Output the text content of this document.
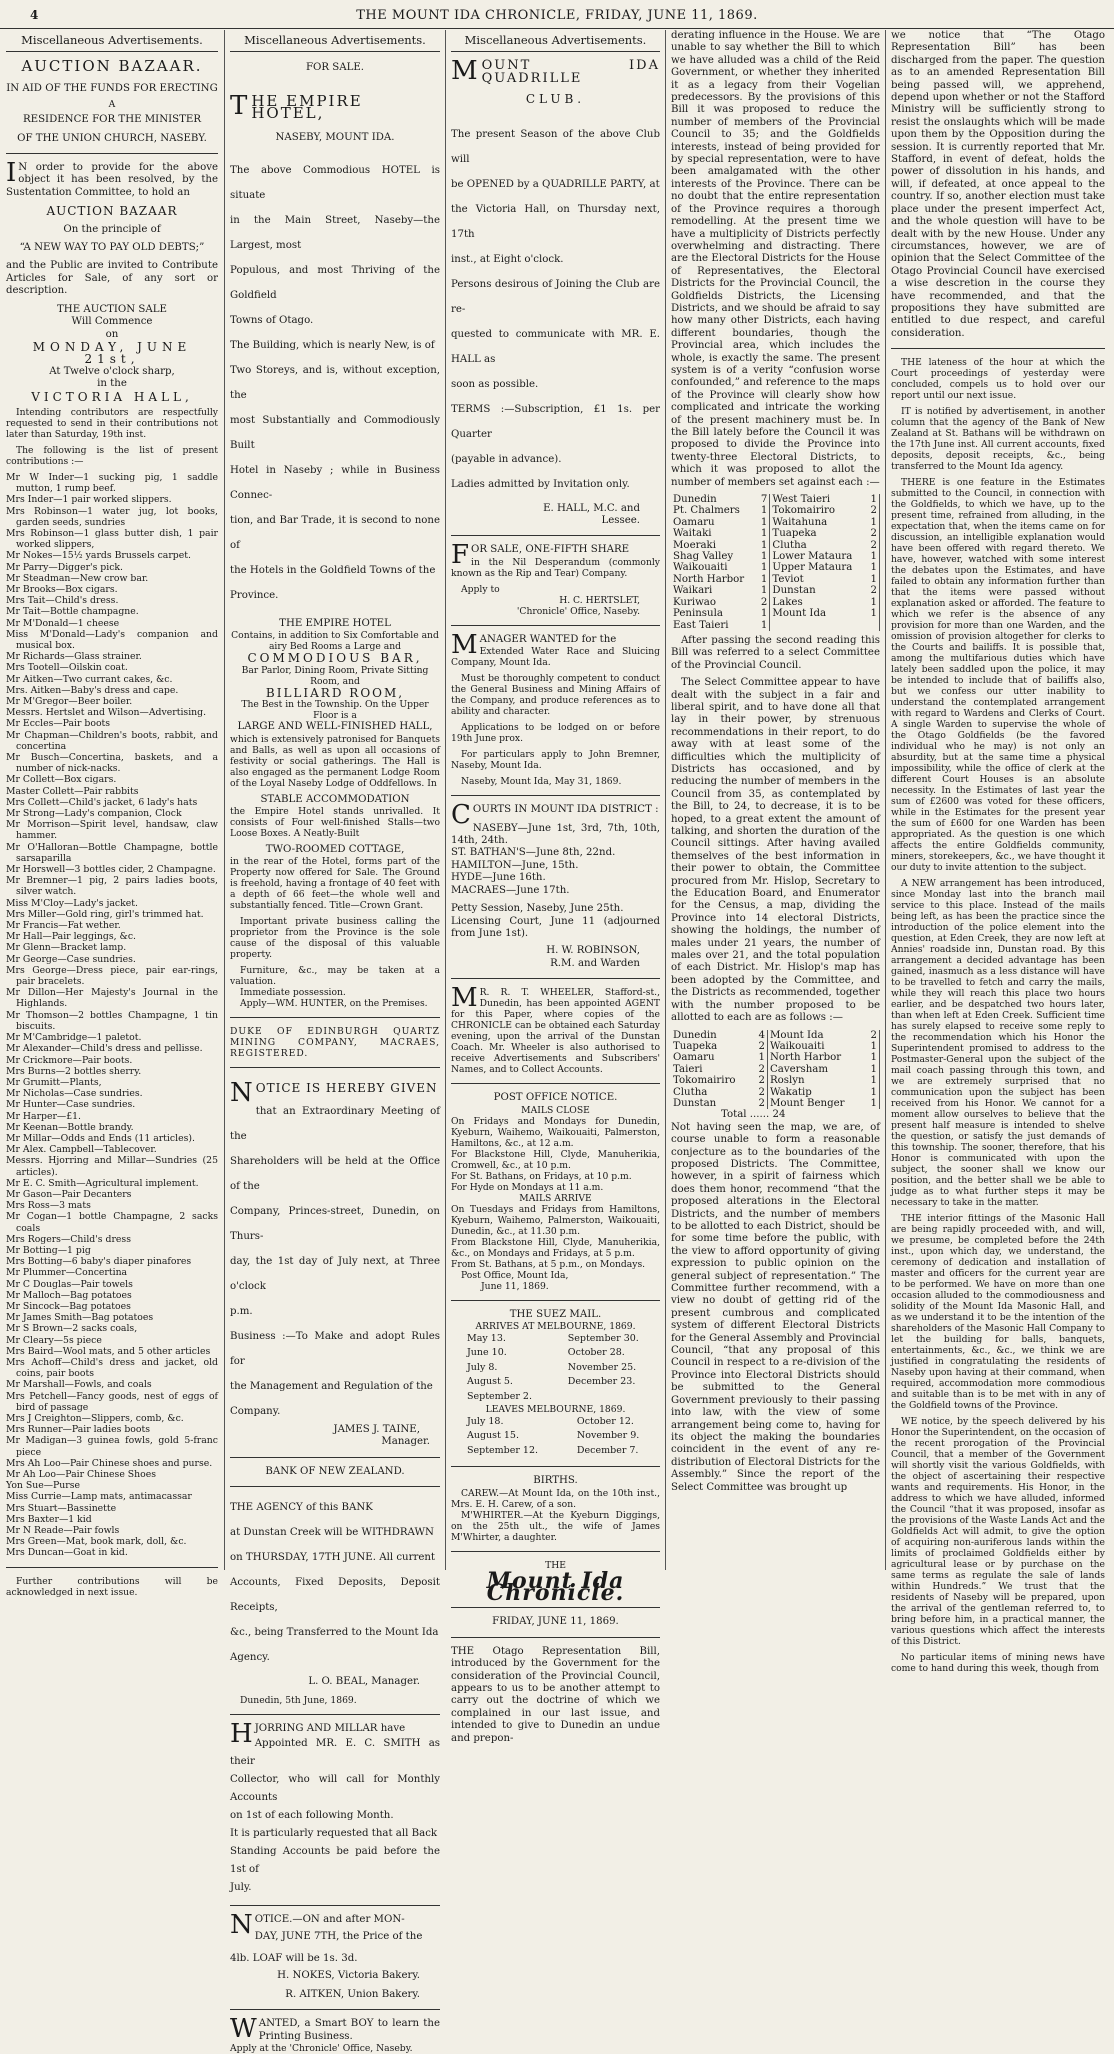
4	THE MOUNT IDA CHRONICLE, FRIDAY, JUNE 11, 1869.
Miscellaneous Advertisements.
AUCTION BAZAAR.
IN AID OF THE FUNDS FOR ERECTING
A
RESIDENCE FOR THE MINISTER
OF THE UNION CHURCH, NASEBY.

IN order to provide for the above object it has been resolved, by the Sustentation Committee, to hold an

AUCTION BAZAAR
On the principle of
“A NEW WAY TO PAY OLD DEBTS;”

and the Public are invited to Contribute Articles for Sale, of any sort or description.

THE AUCTION SALE
Will Commence
on
MONDAY, JUNE 21st,
At Twelve o'clock sharp,
in the
VICTORIA HALL,

Intending contributors are respectfully requested to send in their contributions not later than Saturday, 19th inst.

The following is the list of present contributions :—

Mr W Inder—1 sucking pig, 1 saddle mutton, 1 rump beef.
Mrs Inder—1 pair worked slippers.
Mrs Robinson—1 water jug, lot books, garden seeds, sundries
Mrs Robinson—1 glass butter dish, 1 pair worked slippers,
Mr Nokes—15½ yards Brussels carpet.
Mr Parry—Digger's pick.
Mr Steadman—New crow bar.
Mr Brooks—Box cigars.
Mrs Tait—Child's dress.
Mr Tait—Bottle champagne.
Mr M'Donald—1 cheese
Miss M'Donald—Lady's companion and musical box.
Mr Richards—Glass strainer.
Mrs Tootell—Oilskin coat.
Mr Aitken—Two currant cakes, &c.
Mrs. Aitken—Baby's dress and cape.
Mr M'Gregor—Beer boiler.
Messrs. Hertslet and Wilson—Advertising.
Mr Eccles—Pair boots
Mr Chapman—Children's boots, rabbit, and concertina
Mr Busch—Concertina, baskets, and a number of nick-nacks.
Mr Collett—Box cigars.
Master Collett—Pair rabbits
Mrs Collett—Child's jacket, 6 lady's hats
Mr Strong—Lady's companion, Clock
Mr Morrison—Spirit level, handsaw, claw hammer.
Mr O'Halloran—Bottle Champagne, bottle sarsaparilla
Mr Horswell—3 bottles cider, 2 Champagne.
Mr Bremner—1 pig, 2 pairs ladies boots, silver watch.
Miss M'Cloy—Lady's jacket.
Mrs Miller—Gold ring, girl's trimmed hat.
Mr Francis—Fat wether.
Mr Hall—Pair leggings, &c.
Mr Glenn—Bracket lamp.
Mr George—Case sundries.
Mrs George—Dress piece, pair ear-rings, pair bracelets.
Mr Dillon—Her Majesty's Journal in the Highlands.
Mr Thomson—2 bottles Champagne, 1 tin biscuits.
Mr M'Cambridge—1 paletot.
Mr Alexander—Child's dress and pellisse.
Mr Crickmore—Pair boots.
Mrs Burns—2 bottles sherry.
Mr Grumitt—Plants,
Mr Nicholas—Case sundries.
Mr Hunter—Case sundries.
Mr Harper—£1.
Mr Keenan—Bottle brandy.
Mr Millar—Odds and Ends (11 articles).
Mr Alex. Campbell—Tablecover.
Messrs. Hjorring and Millar—Sundries (25 articles).
Mr E. C. Smith—Agricultural implement.
Mr Gason—Pair Decanters
Mrs Ross—3 mats
Mr Cogan—1 bottle Champagne, 2 sacks coals
Mrs Rogers—Child's dress
Mr Botting—1 pig
Mrs Botting—6 baby's diaper pinafores
Mr Plummer—Concertina
Mr C Douglas—Pair towels
Mr Malloch—Bag potatoes
Mr Sincock—Bag potatoes
Mr James Smith—Bag potatoes
Mr S Brown—2 sacks coals,
Mr Cleary—5s piece
Mrs Baird—Wool mats, and 5 other articles
Mrs Achoff—Child's dress and jacket, old coins, pair boots
Mr Marshall—Fowls, and coals
Mrs Petchell—Fancy goods, nest of eggs of bird of passage
Mrs J Creighton—Slippers, comb, &c.
Mrs Runner—Pair ladies boots
Mr Madigan—3 guinea fowls, gold 5-franc piece
Mrs Ah Loo—Pair Chinese shoes and purse.
Mr Ah Loo—Pair Chinese Shoes
Yon Sue—Purse
Miss Currie—Lamp mats, antimacassar
Mrs Stuart—Bassinette
Mrs Baxter—1 kid
Mr N Reade—Pair fowls
Mrs Green—Mat, book mark, doll, &c.
Mrs Duncan—Goat in kid.

Further contributions will be acknowledged in next issue.

Miscellaneous Advertisements.
FOR SALE.
THE EMPIRE HOTEL,
NASEBY, MOUNT IDA.

The above Commodious HOTEL is situate

in the Main Street, Naseby—the Largest, most

Populous, and most Thriving of the Goldfield

Towns of Otago.

The Building, which is nearly New, is of

Two Storeys, and is, without exception, the

most Substantially and Commodiously Built

Hotel in Naseby ; while in Business Connec-

tion, and Bar Trade, it is second to none of

the Hotels in the Goldfield Towns of the

Province.

THE EMPIRE HOTEL
Contains, in addition to Six Comfortable and airy Bed Rooms a Large and
COMMODIOUS BAR,
Bar Parlor, Dining Room, Private Sitting Room, and
BILLIARD ROOM,
The Best in the Township. On the Upper Floor is a
LARGE AND WELL-FINISHED HALL,

which is extensively patronised for Banquets and Balls, as well as upon all occasions of festivity or social gatherings. The Hall is also engaged as the permanent Lodge Room of the Loyal Naseby Lodge of Oddfellows. In

STABLE ACCOMMODATION

the Empire Hotel stands unrivalled. It consists of Four well-finished Stalls—two Loose Boxes. A Neatly-Built

TWO-ROOMED COTTAGE,

in the rear of the Hotel, forms part of the Property now offered for Sale. The Ground is freehold, having a frontage of 40 feet with a depth of 66 feet—the whole well and substantially fenced. Title—Crown Grant.

Important private business calling the proprietor from the Province is the sole cause of the disposal of this valuable property.

Furniture, &c., may be taken at a valuation.

Immediate possession.

Apply—WM. HUNTER, on the Premises.

DUKE OF EDINBURGH QUARTZ MINING COMPANY, MACRAES, REGISTERED.
NOTICE IS HEREBY GIVEN

that an Extraordinary Meeting of the

Shareholders will be held at the Office of the

Company, Princes-street, Dunedin, on Thurs-

day, the 1st day of July next, at Three o'clock

p.m.

Business :—To Make and adopt Rules for

the Management and Regulation of the

Company.

JAMES J. TAINE,
Manager.
BANK OF NEW ZEALAND.

THE AGENCY of this BANK

at Dunstan Creek will be WITHDRAWN

on THURSDAY, 17TH JUNE. All current

Accounts, Fixed Deposits, Deposit Receipts,

&c., being Transferred to the Mount Ida

Agency.

L. O. BEAL, Manager.
Dunedin, 5th June, 1869.
HJORRING AND MILLAR have
Appointed MR. E. C. SMITH as their
Collector, who will call for Monthly Accounts
on 1st of each following Month.
It is particularly requested that all Back
Standing Accounts be paid before the 1st of
July.
NOTICE.—ON and after MON-
DAY, JUNE 7TH, the Price of the
4lb. LOAF will be 1s. 3d.
H. NOKES, Victoria Bakery.
R. AITKEN, Union Bakery.
WANTED, a Smart BOY to learn the Printing Business.
Apply at the 'Chronicle' Office, Naseby.
Miscellaneous Advertisements.
MOUNT IDA QUADRILLE
CLUB.

The present Season of the above Club will

be OPENED by a QUADRILLE PARTY, at

the Victoria Hall, on Thursday next, 17th

inst., at Eight o'clock.

Persons desirous of Joining the Club are re-

quested to communicate with MR. E. HALL as

soon as possible.

TERMS :—Subscription, £1 1s. per Quarter

(payable in advance).

Ladies admitted by Invitation only.

E. HALL, M.C. and
Lessee.
FOR SALE, ONE-FIFTH SHARE

in the Nil Desperandum (commonly known as the Rip and Tear) Company.

Apply to
H. C. HERTSLET,
'Chronicle' Office, Naseby.
MANAGER WANTED for the

Extended Water Race and Sluicing Company, Mount Ida.

Must be thoroughly competent to conduct the General Business and Mining Affairs of the Company, and produce references as to ability and character.

Applications to be lodged on or before 19th June prox.

For particulars apply to John Bremner, Naseby, Mount Ida.

Naseby, Mount Ida, May 31, 1869.

COURTS IN MOUNT IDA DISTRICT :
NASEBY—June 1st, 3rd, 7th, 10th, 14th, 24th.
ST. BATHAN'S—June 8th, 22nd.
HAMILTON—June, 15th.
HYDE—June 16th.
MACRAES—June 17th.

Petty Session, Naseby, June 25th.

Licensing Court, June 11 (adjourned from June 1st).

H. W. ROBINSON,
R.M. and Warden

MR. R. T. WHEELER, Stafford-st., Dunedin, has been appointed AGENT for this Paper, where copies of the CHRONICLE can be obtained each Saturday evening, upon the arrival of the Dunstan Coach. Mr. Wheeler is also authorised to receive Advertisements and Subscribers' Names, and to Collect Accounts.

POST OFFICE NOTICE.
MAILS CLOSE
On Fridays and Mondays for Dunedin, Kyeburn, Waihemo, Waikouaiti, Palmerston, Hamiltons, &c., at 12 a.m.
For Blackstone Hill, Clyde, Manuherikia, Cromwell, &c., at 10 p.m.
For St. Bathans, on Fridays, at 10 p.m.
For Hyde on Mondays at 11 a.m.
MAILS ARRIVE
On Tuesdays and Fridays from Hamiltons, Kyeburn, Waihemo, Palmerston, Waikouaiti, Dunedin, &c., at 11.30 p.m.
From Blackstone Hill, Clyde, Manuherikia, &c., on Mondays and Fridays, at 5 p.m.
From St. Bathans, at 5 p.m., on Mondays.
Post Office, Mount Ida,
June 11, 1869.
THE SUEZ MAIL.
ARRIVES AT MELBOURNE, 1869.
May 13.	September 30.
June 10.	October 28.
July 8.	November 25.
August 5.	December 23.
September 2.	
LEAVES MELBOURNE, 1869.
July 18.	October 12.
August 15.	November 9.
September 12.	December 7.
BIRTHS.

CAREW.—At Mount Ida, on the 10th inst., Mrs. E. H. Carew, of a son.

M'WHIRTER.—At the Kyeburn Diggings, on the 25th ult., the wife of James M'Whirter, a daughter.

THE
Mount Ida Chronicle.
FRIDAY, JUNE 11, 1869.

THE Otago Representation Bill, introduced by the Government for the consideration of the Provincial Council, appears to us to be another attempt to carry out the doctrine of which we complained in our last issue, and intended to give to Dunedin an undue and prepon-

derating influence in the House. We are unable to say whether the Bill to which we have alluded was a child of the Reid Government, or whether they inherited it as a legacy from their Vogelian predecessors. By the provisions of this Bill it was proposed to reduce the number of members of the Provincial Council to 35; and the Goldfields interests, instead of being provided for by special representation, were to have been amalgamated with the other interests of the Province. There can be no doubt that the entire representation of the Province requires a thorough remodelling. At the present time we have a multiplicity of Districts perfectly overwhelming and distracting. There are the Electoral Districts for the House of Representatives, the Electoral Districts for the Provincial Council, the Goldfields Districts, the Licensing Districts, and we should be afraid to say how many other Districts, each having different boundaries, though the Provincial area, which includes the whole, is exactly the same. The present system is of a verity “confusion worse confounded,” and reference to the maps of the Province will clearly show how complicated and intricate the working of the present machinery must be. In the Bill lately before the Council it was proposed to divide the Province into twenty-three Electoral Districts, to which it was proposed to allot the number of members set against each :—

Dunedin	7	West Taieri	1
Pt. Chalmers	1	Tokomairiro	2
Oamaru	1	Waitahuna	1
Waitaki	1	Tuapeka	2
Moeraki	1	Clutha	2
Shag Valley	1	Lower Mataura	1
Waikouaiti	1	Upper Mataura	1
North Harbor	1	Teviot	1
Waikari	1	Dunstan	2
Kuriwao	2	Lakes	1
Peninsula	1	Mount Ida	1
East Taieri	1		

After passing the second reading this Bill was referred to a select Committee of the Provincial Council.

The Select Committee appear to have dealt with the subject in a fair and liberal spirit, and to have done all that lay in their power, by strenuous recommendations in their report, to do away with at least some of the difficulties which the multiplicity of Districts has occasioned, and by reducing the number of members in the Council from 35, as contemplated by the Bill, to 24, to decrease, it is to be hoped, to a great extent the amount of talking, and shorten the duration of the Council sittings. After having availed themselves of the best information in their power to obtain, the Committee procured from Mr. Hislop, Secretary to the Education Board, and Enumerator for the Census, a map, dividing the Province into 14 electoral Districts, showing the holdings, the number of males under 21 years, the number of males over 21, and the total population of each District. Mr. Hislop's map has been adopted by the Committee, and the Districts as recommended, together with the number proposed to be allotted to each are as follows :—

Dunedin	4	Mount Ida	2
Tuapeka	2	Waikouaiti	1
Oamaru	1	North Harbor	1
Taieri	2	Caversham	1
Tokomairiro	2	Roslyn	1
Clutha	2	Wakatip	1
Dunstan	2	Mount Benger	1
Total ...... 24

Not having seen the map, we are, of course unable to form a reasonable conjecture as to the boundaries of the proposed Districts. The Committee, however, in a spirit of fairness which does them honor, recommend “that the proposed alterations in the Electoral Districts, and the number of members to be allotted to each District, should be for some time before the public, with the view to afford opportunity of giving expression to public opinion on the general subject of representation.” The Committee further recommend, with a view no doubt of getting rid of the present cumbrous and complicated system of different Electoral Districts for the General Assembly and Provincial Council, “that any proposal of this Council in respect to a re-division of the Province into Electoral Districts should be submitted to the General Government previously to their passing into law, with the view of some arrangement being come to, having for its object the making the boundaries coincident in the event of any re-distribution of Electoral Districts for the Assembly.” Since the report of the Select Committee was brought up

we notice that “The Otago Representation Bill” has been discharged from the paper. The question as to an amended Representation Bill being passed will, we apprehend, depend upon whether or not the Stafford Ministry will be sufficiently strong to resist the onslaughts which will be made upon them by the Opposition during the session. It is currently reported that Mr. Stafford, in event of defeat, holds the power of dissolution in his hands, and will, if defeated, at once appeal to the country. If so, another election must take place under the present imperfect Act, and the whole question will have to be dealt with by the new House. Under any circumstances, however, we are of opinion that the Select Committee of the Otago Provincial Council have exercised a wise descretion in the course they have recommended, and that the propositions they have submitted are entitled to due respect, and careful consideration.

THE lateness of the hour at which the Court proceedings of yesterday were concluded, compels us to hold over our report until our next issue.

IT is notified by advertisement, in another column that the agency of the Bank of New Zealand at St. Bathans will be withdrawn on the 17th June inst. All current accounts, fixed deposits, deposit receipts, &c., being transferred to the Mount Ida agency.

THERE is one feature in the Estimates submitted to the Council, in connection with the Goldfields, to which we have, up to the present time, refrained from alluding, in the expectation that, when the items came on for discussion, an intelligible explanation would have been offered with regard thereto. We have, however, watched with some interest the debates upon the Estimates, and have failed to obtain any information further than that the items were passed without explanation asked or afforded. The feature to which we refer is the absence of any provision for more than one Warden, and the omission of provision altogether for clerks to the Courts and bailiffs. It is possible that, among the multifarious duties which have lately been saddled upon the police, it may be intended to include that of bailiffs also, but we confess our utter inability to understand the contemplated arrangement with regard to Wardens and Clerks of Court. A single Warden to supervise the whole of the Otago Goldfields (be the favored individual who he may) is not only an absurdity, but at the same time a physical impossibility, while the office of clerk at the different Court Houses is an absolute necessity. In the Estimates of last year the sum of £2600 was voted for these officers, while in the Estimates for the present year the sum of £600 for one Warden has been appropriated. As the question is one which affects the entire Goldfields community, miners, storekeepers, &c., we have thought it our duty to invite attention to the subject.

A NEW arrangement has been introduced, since Monday last into the branch mail service to this place. Instead of the mails being left, as has been the practice since the introduction of the police element into the question, at Eden Creek, they are now left at Annies' roadside inn, Dunstan road. By this arrangement a decided advantage has been gained, inasmuch as a less distance will have to be travelled to fetch and carry the mails, while they will reach this place two hours earlier, and be despatched two hours later, than when left at Eden Creek. Sufficient time has surely elapsed to receive some reply to the recommendation which his Honor the Superintendent promised to address to the Postmaster-General upon the subject of the mail coach passing through this town, and we are extremely surprised that no communication upon the subject has been received from his Honor. We cannot for a moment allow ourselves to believe that the present half measure is intended to shelve the question, or satisfy the just demands of this township. The sooner, therefore, that his Honor is communicated with upon the subject, the sooner shall we know our position, and the better shall we be able to judge as to what further steps it may be necessary to take in the matter.

THE interior fittings of the Masonic Hall are being rapidly proceeded with, and will, we presume, be completed before the 24th inst., upon which day, we understand, the ceremony of dedication and installation of master and officers for the current year are to be performed. We have on more than one occasion alluded to the commodiousness and solidity of the Mount Ida Masonic Hall, and as we understand it to be the intention of the shareholders of the Masonic Hall Company to let the building for balls, banquets, entertainments, &c., &c., we think we are justified in congratulating the residents of Naseby upon having at their command, when required, accommodation more commodious and suitable than is to be met with in any of the Goldfield towns of the Province.

WE notice, by the speech delivered by his Honor the Superintendent, on the occasion of the recent prorogation of the Provincial Council, that a member of the Government will shortly visit the various Goldfields, with the object of ascertaining their respective wants and requirements. His Honor, in the address to which we have alluded, informed the Council “that it was proposed, insofar as the provisions of the Waste Lands Act and the Goldfields Act will admit, to give the option of acquiring non-auriferous lands within the limits of proclaimed Goldfields either by agricultural lease or by purchase on the same terms as regulate the sale of lands within Hundreds.” We trust that the residents of Naseby will be prepared, upon the arrival of the gentleman referred to, to bring before him, in a practical manner, the various questions which affect the interests of this District.

No particular items of mining news have come to hand during this week, though from
